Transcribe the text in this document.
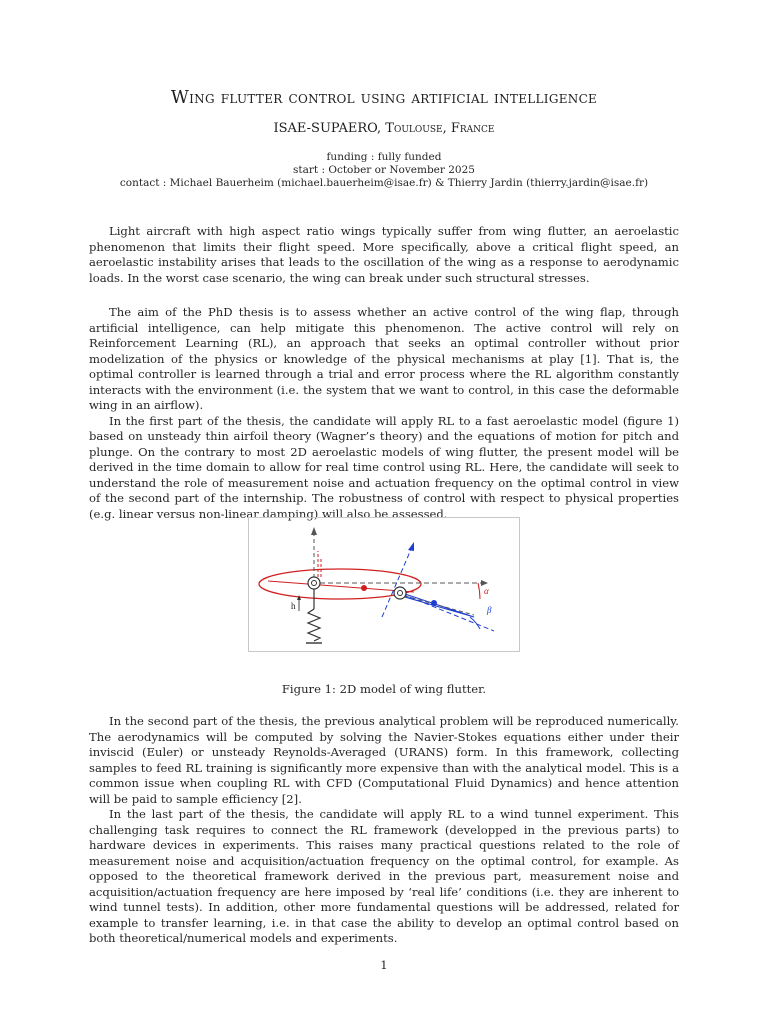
Wing flutter control using artificial intelligence
ISAE-SUPAERO, Toulouse, France
funding : fully funded
start : October or November 2025
contact : Michael Bauerheim (michael.bauerheim@isae.fr) & Thierry Jardin (thierry.jardin@isae.fr)

Light aircraft with high aspect ratio wings typically suffer from wing flutter, an aeroelastic phenomenon that limits their flight speed. More specifically, above a critical flight speed, an aeroelastic instability arises that leads to the oscillation of the wing as a response to aerodynamic loads. In the worst case scenario, the wing can break under such structural stresses.

The aim of the PhD thesis is to assess whether an active control of the wing flap, through artificial intelligence, can help mitigate this phenomenon. The active control will rely on Reinforcement Learning (RL), an approach that seeks an optimal controller without prior modelization of the physics or knowledge of the physical mechanisms at play [1]. That is, the optimal controller is learned through a trial and error process where the RL algorithm constantly interacts with the environment (i.e. the system that we want to control, in this case the deformable wing in an airflow).

In the first part of the thesis, the candidate will apply RL to a fast aeroelastic model (figure 1) based on unsteady thin airfoil theory (Wagner’s theory) and the equations of motion for pitch and plunge. On the contrary to most 2D aeroelastic models of wing flutter, the present model will be derived in the time domain to allow for real time control using RL. Here, the candidate will seek to understand the role of measurement noise and actuation frequency on the optimal control in view of the second part of the internship. The robustness of control with respect to physical properties (e.g. linear versus non-linear damping) will also be assessed.

α
β
h
Figure 1: 2D model of wing flutter.

In the second part of the thesis, the previous analytical problem will be reproduced numerically. The aerodynamics will be computed by solving the Navier-Stokes equations either under their inviscid (Euler) or unsteady Reynolds-Averaged (URANS) form. In this framework, collecting samples to feed RL training is significantly more expensive than with the analytical model. This is a common issue when coupling RL with CFD (Computational Fluid Dynamics) and hence attention will be paid to sample efficiency [2].

In the last part of the thesis, the candidate will apply RL to a wind tunnel experiment. This challenging task requires to connect the RL framework (developped in the previous parts) to hardware devices in experiments. This raises many practical questions related to the role of measurement noise and acquisition/actuation frequency on the optimal control, for example. As opposed to the theoretical framework derived in the previous part, measurement noise and acquisition/actuation frequency are here imposed by ‘real life’ conditions (i.e. they are inherent to wind tunnel tests). In addition, other more fundamental questions will be addressed, related for example to transfer learning, i.e. in that case the ability to develop an optimal control based on both theoretical/numerical models and experiments.

1
